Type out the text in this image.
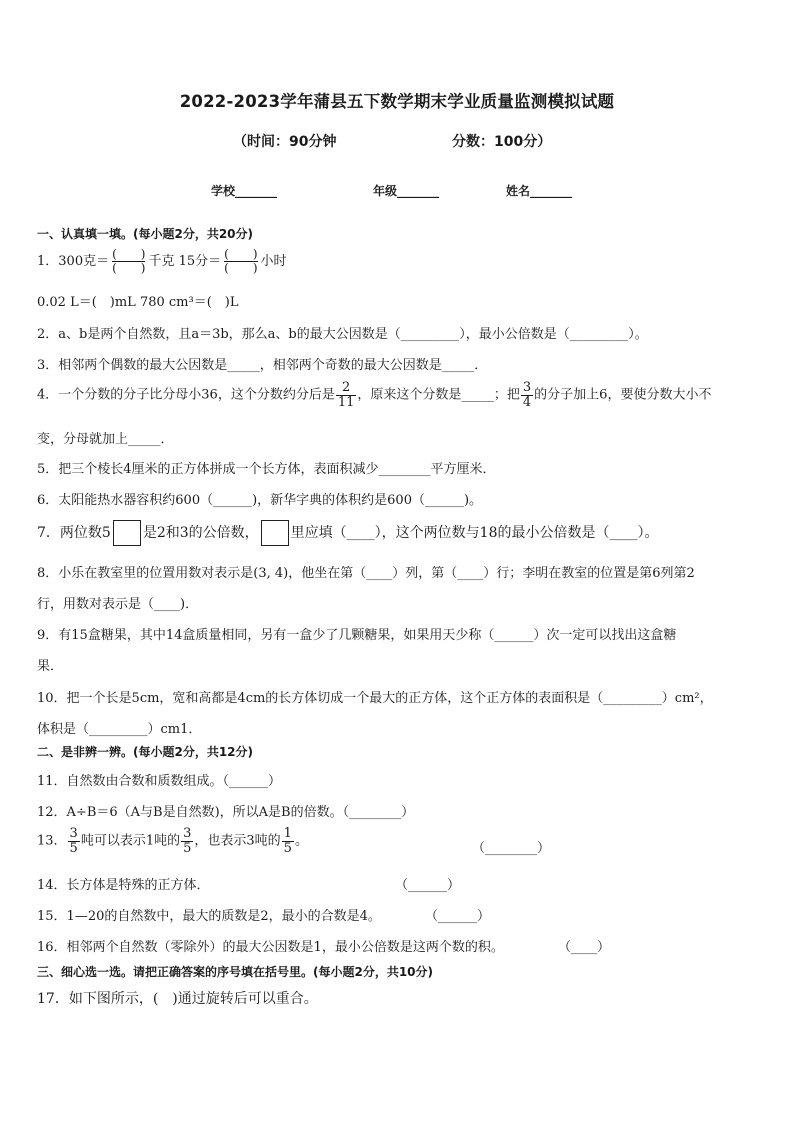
2022-2023学年蒲县五下数学期末学业质量监测模拟试题
（时间：90分钟	分数：100分）
学校_______	年级_______	姓名_______
一、认真填一填。(每小题2分，共20分)
1．300克＝
(　　)
(　　) 千克 15分＝
(　　)
(　　) 小时
0.02 L＝(　)mL 780 cm³＝(　)L
2．a、b是两个自然数，且a＝3b，那么a、b的最大公因数是（_________），最小公倍数是（_________）。
3．相邻两个偶数的最大公因数是_____，相邻两个奇数的最大公因数是_____．
4．一个分数的分子比分母小36，这个分数约分后是 $\frac{2}{11}$ ，原来这个分数是_____；把 $\frac{3}{4}$ 的分子加上6，要使分数大小不
变，分母就加上_____．
5．把三个棱长4厘米的正方体拼成一个长方体，表面积减少________平方厘米．
6．太阳能热水器容积约600（______)，新华字典的体积约是600（______)。
7．两位数5 是2和3的公倍数， 里应填（____），这个两位数与18的最小公倍数是（____）。
8．小乐在教室里的位置用数对表示是(3, 4)，他坐在第（____）列，第（____）行；李明在教室的位置是第6列第2
行，用数对表示是（____)．
9．有15盒糖果，其中14盒质量相同，另有一盒少了几颗糖果，如果用天少称（______）次一定可以找出这盒糖
果．
10．把一个长是5cm，宽和高都是4cm的长方体切成一个最大的正方体，这个正方体的表面积是（_________）cm²，
体积是（_________）cm1．
二、是非辨一辨。(每小题2分，共12分)
11．自然数由合数和质数组成。（______）
12．A÷B＝6（A与B是自然数)，所以A是B的倍数。（________）
13． $\frac{3}{5}$ 吨可以表示1吨的 $\frac{3}{5}$ ，也表示3吨的 $\frac{1}{5}$ 。	（________）
14．长方体是特殊的正方体．	（______）
15．1—20的自然数中，最大的质数是2，最小的合数是4。	（______）
16．相邻两个自然数（零除外）的最大公因数是1，最小公倍数是这两个数的积。	（____）
三、细心选一选。请把正确答案的序号填在括号里。(每小题2分，共10分)
17．如下图所示，(　)通过旋转后可以重合。
